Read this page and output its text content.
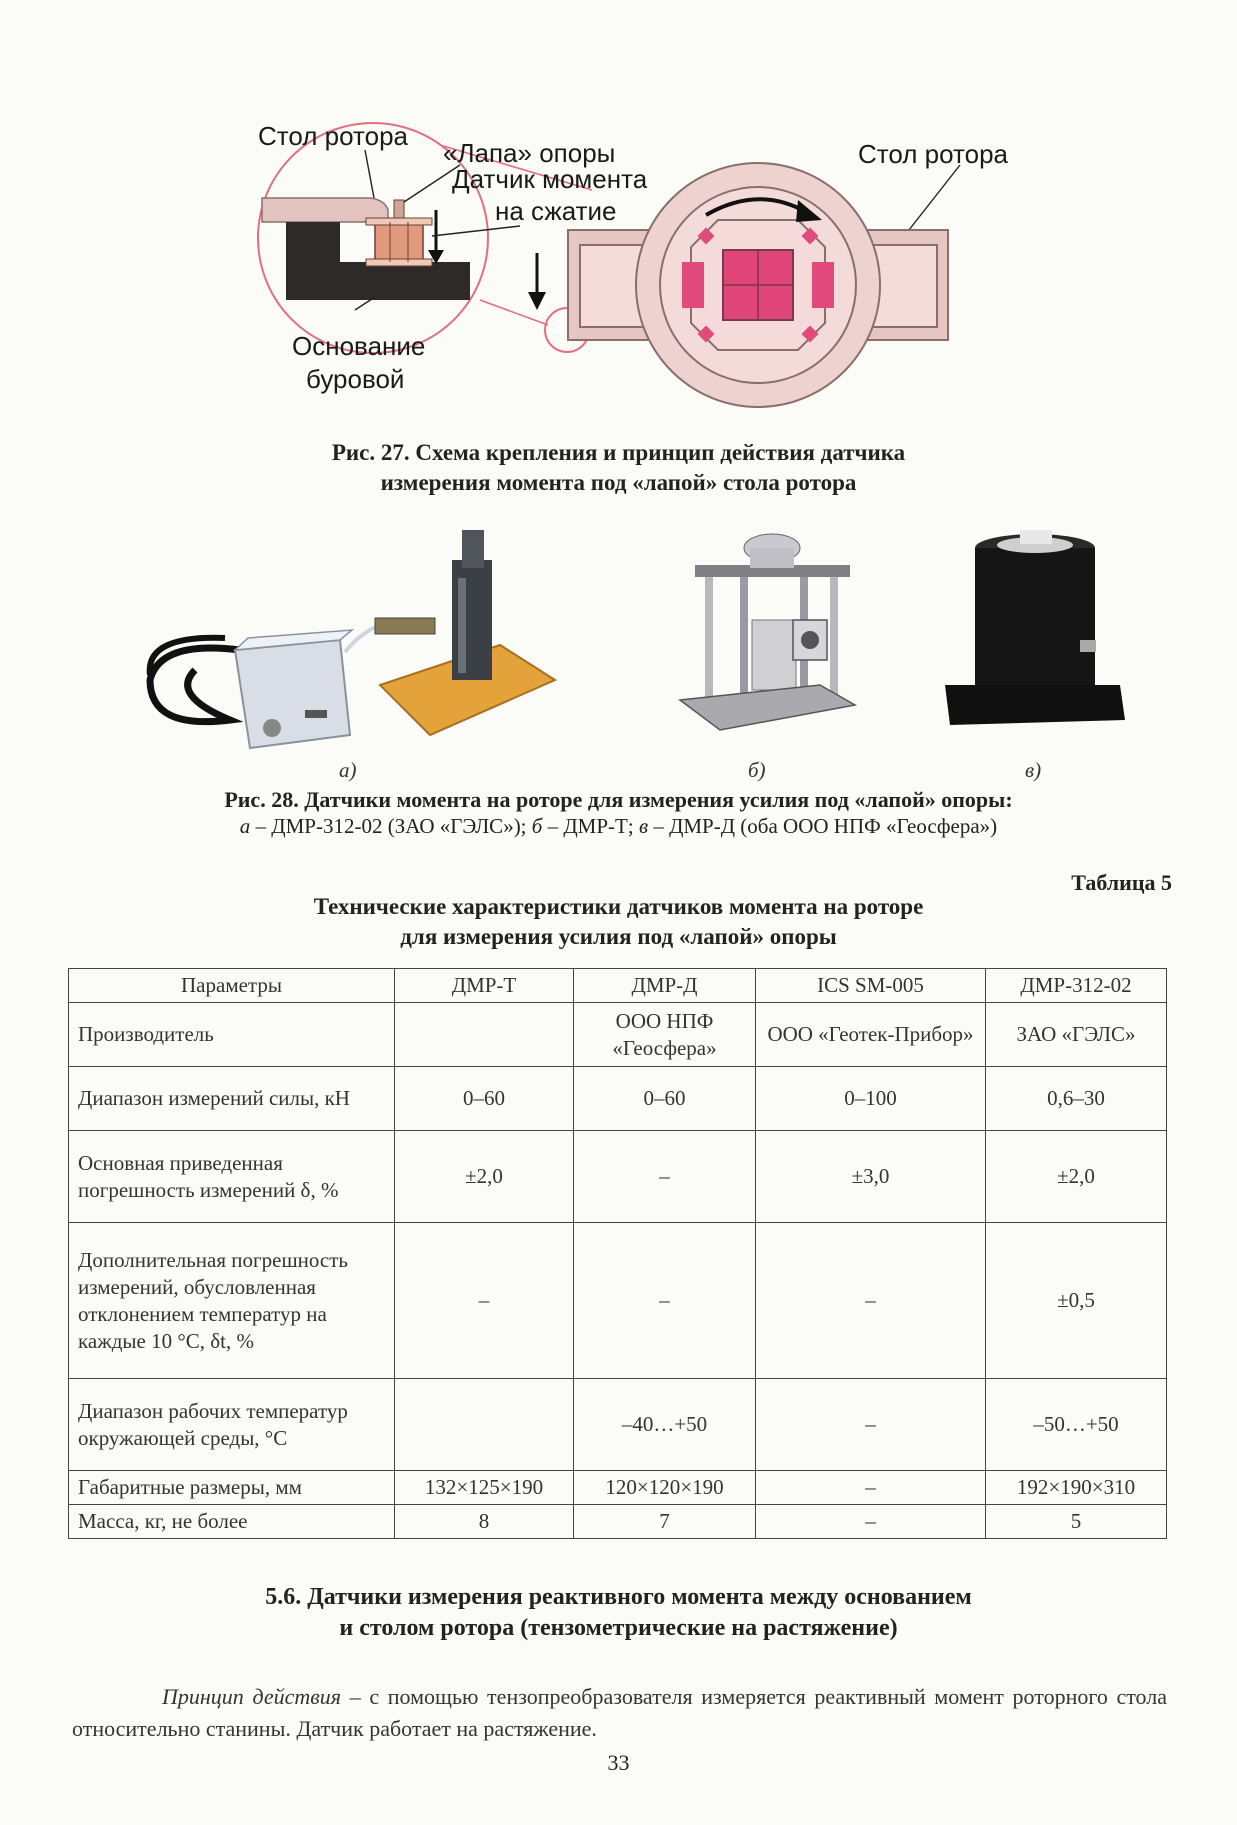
Стол ротора
«Лапа» опоры
Датчик момента
на сжатие
Стол ротора
Основание
буровой
Рис. 27. Схема крепления и принцип действия датчика
измерения момента под «лапой» стола ротора
а)	б)	в)
Рис. 28. Датчики момента на роторе для измерения усилия под «лапой» опоры:
а – ДМР-312-02 (ЗАО «ГЭЛС»); б – ДМР-Т; в – ДМР-Д (оба ООО НПФ «Геосфера»)
Таблица 5
Технические характеристики датчиков момента на роторе
для измерения усилия под «лапой» опоры
Параметры	ДМР-Т	ДМР-Д	ICS SM-005	ДМР-312-02
Производитель		ООО НПФ «Геосфера»	ООО «Геотек-Прибор»	ЗАО «ГЭЛС»
Диапазон измерений силы, кН	0–60	0–60	0–100	0,6–30
Основная приведенная погрешность измерений δ, %	±2,0	–	±3,0	±2,0
Дополнительная погрешность измерений, обусловленная отклонением температур на каждые 10 °С, δt, %	–	–	–	±0,5
Диапазон рабочих температур окружающей среды, °С		–40…+50	–	–50…+50
Габаритные размеры, мм	132×125×190	120×120×190	–	192×190×310
Масса, кг, не более	8	7	–	5
5.6. Датчики измерения реактивного момента между основанием
и столом ротора (тензометрические на растяжение)
Принцип действия – с помощью тензопреобразователя измеряется реактивный момент роторного стола относительно станины. Датчик работает на растяжение.
33
